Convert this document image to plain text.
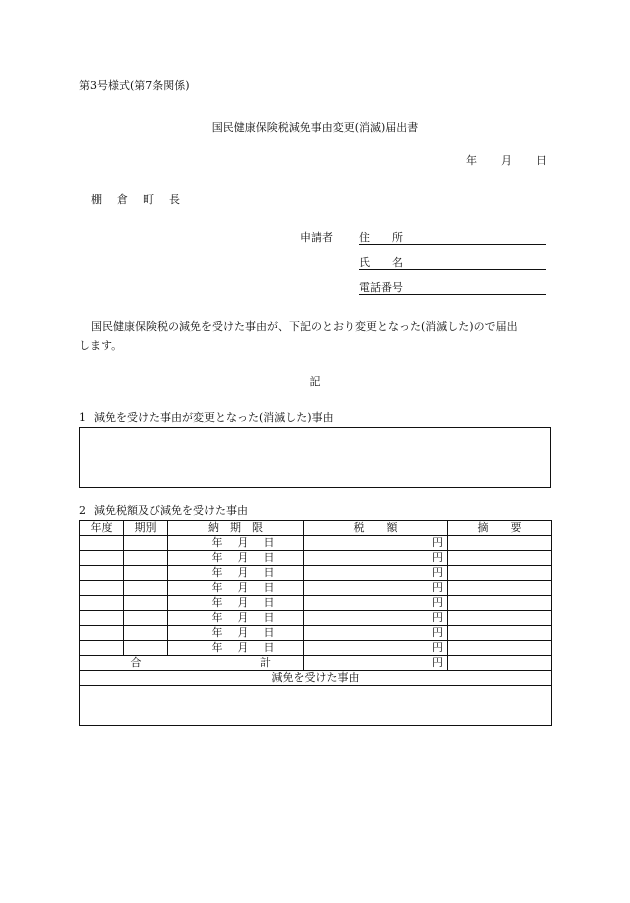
第3号様式(第7条関係)
国民健康保険税減免事由変更(消滅)届出書
年 月 日
棚　倉　町　長
申請者 住　　所
氏　　名
電話番号
国民健康保険税の減免を受けた事由が、下記のとおり変更となった(消滅した)ので届出
します。
記
1 減免を受けた事由が変更となった(消滅した)事由
2 減免税額及び減免を受けた事由
年度	期別	納　期　限	税　　額	摘　　要
		年 月 日	円	
		年 月 日	円	
		年 月 日	円	
		年 月 日	円	
		年 月 日	円	
		年 月 日	円	
		年 月 日	円	
		年 月 日	円	
合 計			円	
減免を受けた事由				
